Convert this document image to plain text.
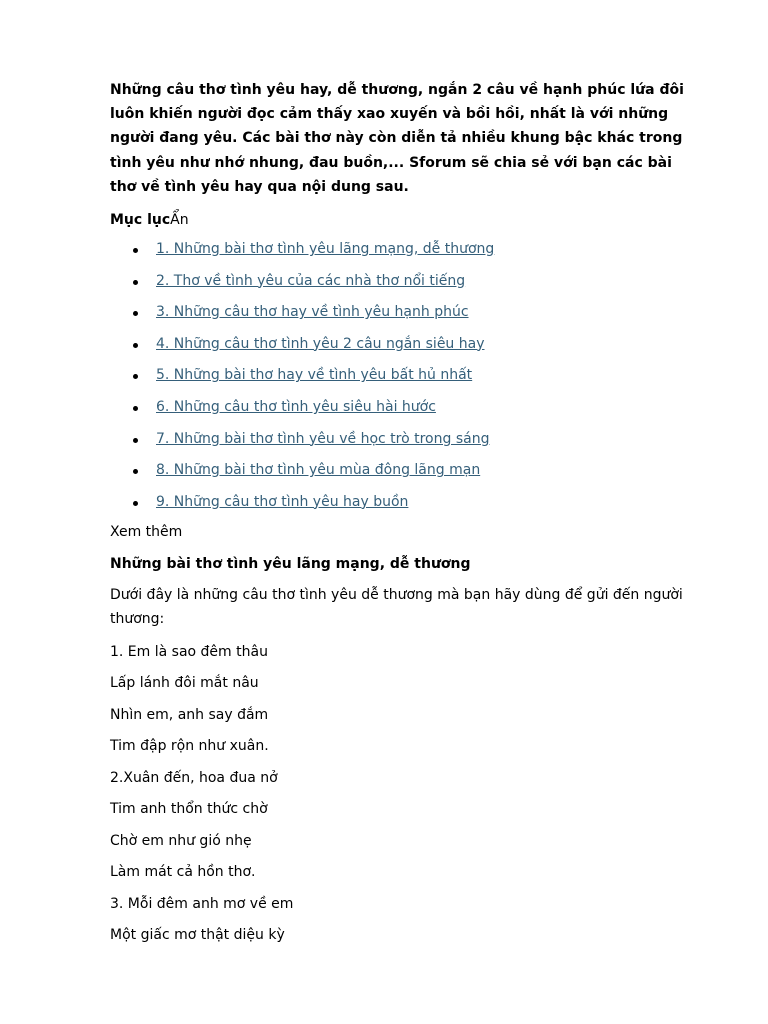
Những câu thơ tình yêu hay, dễ thương, ngắn 2 câu về hạnh phúc lứa đôi luôn khiến người đọc cảm thấy xao xuyến và bồi hồi, nhất là với những người đang yêu. Các bài thơ này còn diễn tả nhiều khung bậc khác trong tình yêu như nhớ nhung, đau buồn,... Sforum sẽ chia sẻ với bạn các bài thơ về tình yêu hay qua nội dung sau.

Mục lụcẨn
1. Những bài thơ tình yêu lãng mạng, dễ thương
2. Thơ về tình yêu của các nhà thơ nổi tiếng
3. Những câu thơ hay về tình yêu hạnh phúc
4. Những câu thơ tình yêu 2 câu ngắn siêu hay
5. Những bài thơ hay về tình yêu bất hủ nhất
6. Những câu thơ tình yêu siêu hài hước
7. Những bài thơ tình yêu về học trò trong sáng
8. Những bài thơ tình yêu mùa đông lãng mạn
9. Những câu thơ tình yêu hay buồn
Xem thêm
Những bài thơ tình yêu lãng mạng, dễ thương
Dưới đây là những câu thơ tình yêu dễ thương mà bạn hãy dùng để gửi đến người thương:
1. Em là sao đêm thâu
Lấp lánh đôi mắt nâu
Nhìn em, anh say đắm
Tim đập rộn như xuân.
2.Xuân đến, hoa đua nở
Tim anh thổn thức chờ
Chờ em như gió nhẹ
Làm mát cả hồn thơ.
3. Mỗi đêm anh mơ về em
Một giấc mơ thật diệu kỳ
